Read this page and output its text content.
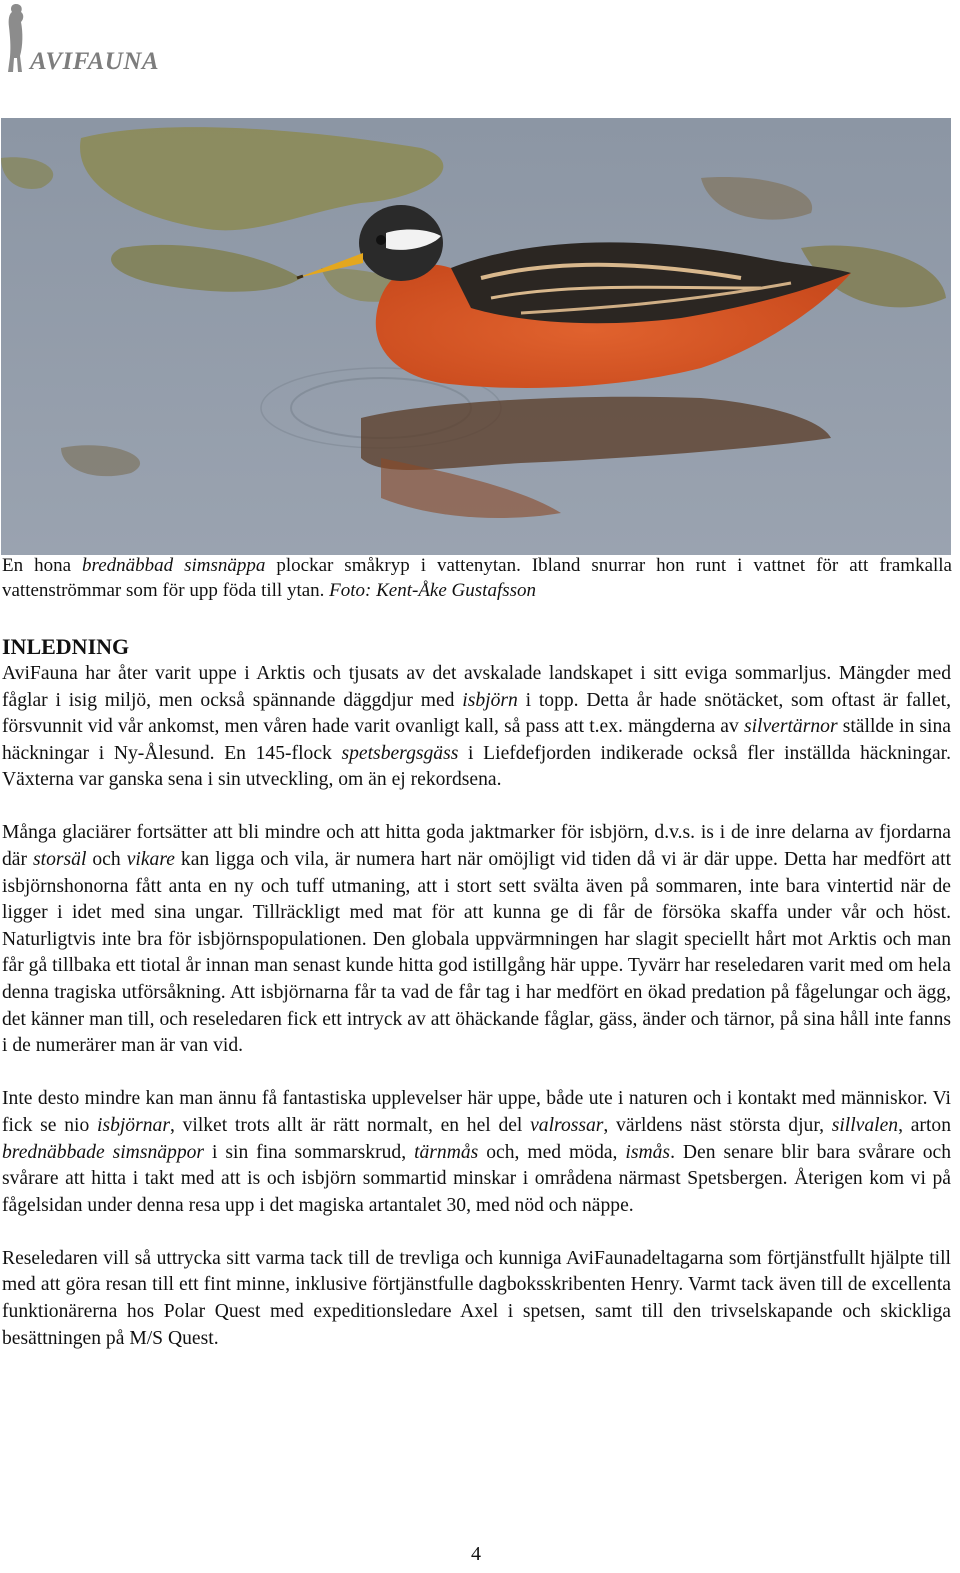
AVIFAUNA
En hona brednäbbad simsnäppa plockar småkryp i vattenytan. Ibland snurrar hon runt i vattnet för att framkalla vattenströmmar som för upp föda till ytan. Foto: Kent-Åke Gustafsson
INLEDNING

AviFauna har åter varit uppe i Arktis och tjusats av det avskalade landskapet i sitt eviga sommarljus. Mängder med fåglar i isig miljö, men också spännande däggdjur med isbjörn i topp. Detta år hade snötäcket, som oftast är fallet, försvunnit vid vår ankomst, men våren hade varit ovanligt kall, så pass att t.ex. mängderna av silvertärnor ställde in sina häckningar i Ny-Ålesund. En 145-flock spetsbergsgäss i Liefdefjorden indikerade också fler inställda häckningar. Växterna var ganska sena i sin utveckling, om än ej rekordsena.

Många glaciärer fortsätter att bli mindre och att hitta goda jaktmarker för isbjörn, d.v.s. is i de inre delarna av fjordarna där storsäl och vikare kan ligga och vila, är numera hart när omöjligt vid tiden då vi är där uppe. Detta har medfört att isbjörnshonorna fått anta en ny och tuff utmaning, att i stort sett svälta även på sommaren, inte bara vintertid när de ligger i idet med sina ungar. Tillräckligt med mat för att kunna ge di får de försöka skaffa under vår och höst. Naturligtvis inte bra för isbjörnspopulationen. Den globala uppvärmningen har slagit speciellt hårt mot Arktis och man får gå tillbaka ett tiotal år innan man senast kunde hitta god istillgång här uppe. Tyvärr har reseledaren varit med om hela denna tragiska utförsåkning. Att isbjörnarna får ta vad de får tag i har medfört en ökad predation på fågelungar och ägg, det känner man till, och reseledaren fick ett intryck av att öhäckande fåglar, gäss, änder och tärnor, på sina håll inte fanns i de numerärer man är van vid.

Inte desto mindre kan man ännu få fantastiska upplevelser här uppe, både ute i naturen och i kontakt med människor. Vi fick se nio isbjörnar, vilket trots allt är rätt normalt, en hel del valrossar, världens näst största djur, sillvalen, arton brednäbbade simsnäppor i sin fina sommarskrud, tärnmås och, med möda, ismås. Den senare blir bara svårare och svårare att hitta i takt med att is och isbjörn sommartid minskar i områdena närmast Spetsbergen. Återigen kom vi på fågelsidan under denna resa upp i det magiska artantalet 30, med nöd och näppe.

Reseledaren vill så uttrycka sitt varma tack till de trevliga och kunniga AviFaunadeltagarna som förtjänstfullt hjälpte till med att göra resan till ett fint minne, inklusive förtjänstfulle dagboksskribenten Henry. Varmt tack även till de excellenta funktionärerna hos Polar Quest med expeditionsledare Axel i spetsen, samt till den trivselskapande och skickliga besättningen på M/S Quest.

4
